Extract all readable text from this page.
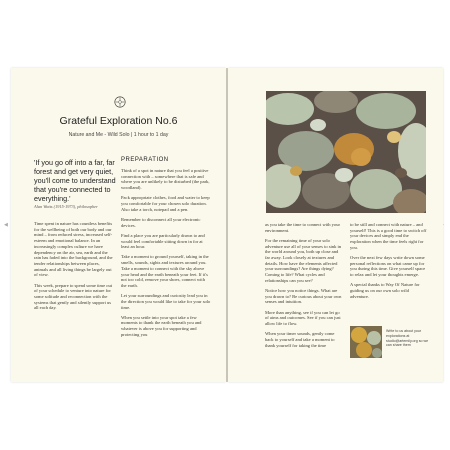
◀
Grateful Exploration No.6
Nature and Me - Wild Solo | 1 hour to 1 day
'If you go off into a far, far forest and get very quiet, you'll come to understand that you're connected to everything.'
Alan Watts (1915-1973), philosopher

Time spent in nature has countless benefits for the wellbeing of both our body and our mind – from reduced stress, increased self-esteem and emotional balance. In an increasingly complex culture we have dependency on the air, sea, earth and the rain has faded into the background, and the tender relationships between places, animals and all living things be largely out of view.

This week, prepare to spend some time out of your schedule to venture into nature for some solitude and reconnection with the systems that gently and silently support us all each day.

PREPARATION

Think of a spot in nature that you feel a positive connection with – somewhere that is safe and where you are unlikely to be disturbed (the park, woodland).

Pack appropriate clothes, food and water to keep you comfortable for your chosen solo duration. Also take a torch, notepad and a pen.

Remember to disconnect all your electronic devices.

Find a place you are particularly drawn to and would feel comfortable sitting down in for at least an hour.

Take a moment to ground yourself, taking in the smells, sounds, sights and textures around you. Take a moment to connect with the sky above your head and the earth beneath your feet. If it's not too cold, remove your shoes, connect with the earth.

Let your surroundings and curiosity lead you in the direction you would like to take for your solo time.

When you settle into your spot take a few moments to thank the earth beneath you and whatever is above you for supporting and protecting you

as you take the time to connect with your environment.

For the remaining time of your solo adventure use all of your senses to sink in the world around you, both up close and far away. Look closely at textures and details. How have the elements affected your surroundings? Are things dying? Coming to life? What cycles and relationships can you see?

Notice how you notice things. What are you drawn to? Be curious about your own senses and intuition.

More than anything, see if you can let go of aims and outcomes. See if you can just allow life to flow.

When your timer sounds, gently come back to yourself and take a moment to thank yourself for taking the time

to be still and connect with nature – and yourself! This is a good time to switch off your devices and simply end the exploration when the time feels right for you.

Over the next few days write down some personal reflections on what came up for you during this time. Give yourself space to relax and let your thoughts emerge.

A special thanks to Way Of Nature for guiding us on our own solo wild adventure.

Write to us about your explorations at studio@artemily.org so we can share them
